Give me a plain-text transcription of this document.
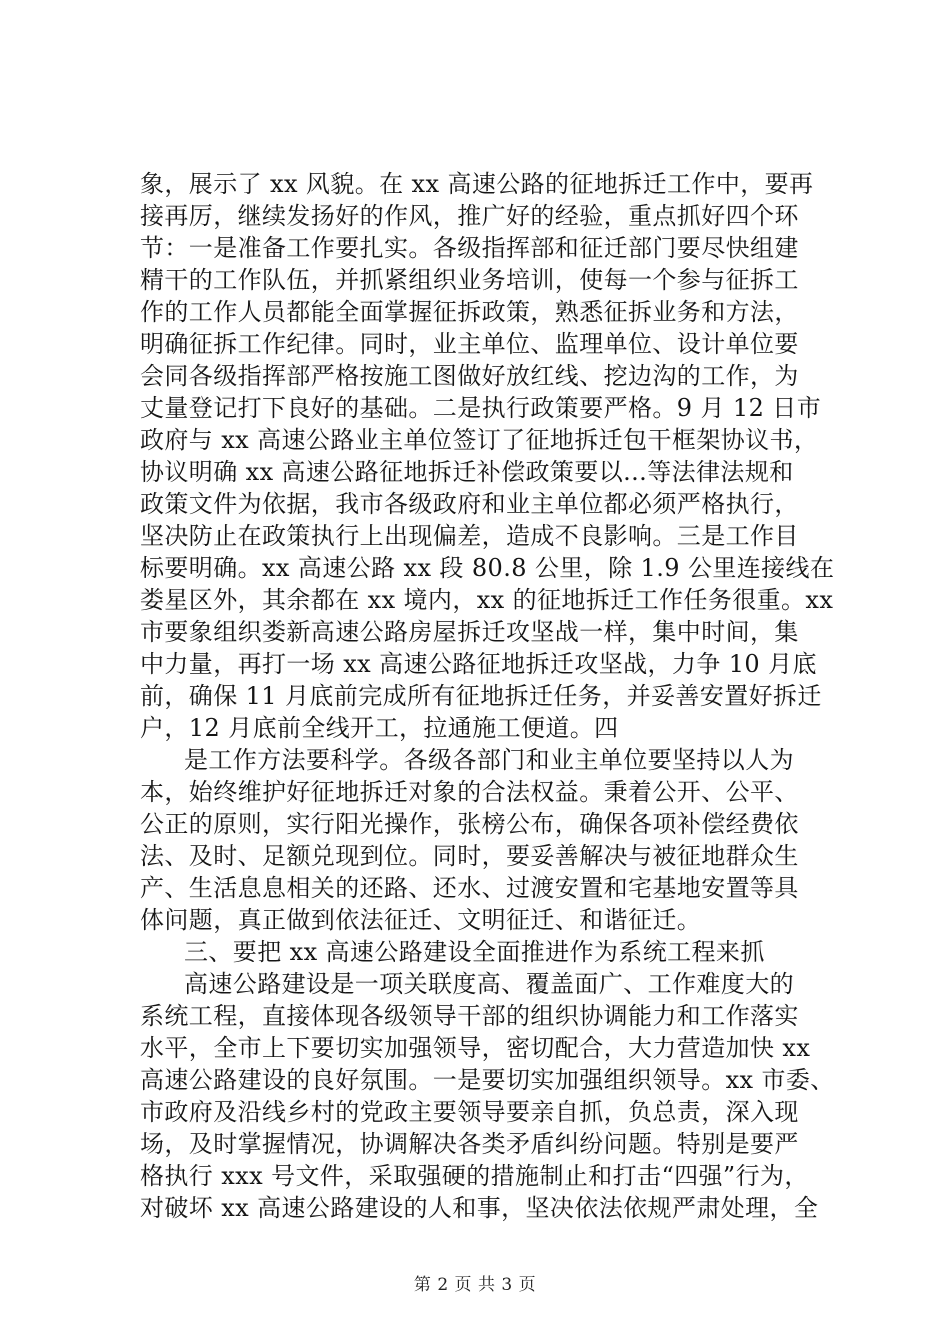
象，展示了 xx 风貌。在 xx 高速公路的征地拆迁工作中，要再
接再厉，继续发扬好的作风，推广好的经验，重点抓好四个环
节：一是准备工作要扎实。各级指挥部和征迁部门要尽快组建
精干的工作队伍，并抓紧组织业务培训，使每一个参与征拆工
作的工作人员都能全面掌握征拆政策，熟悉征拆业务和方法，
明确征拆工作纪律。同时，业主单位、监理单位、设计单位要
会同各级指挥部严格按施工图做好放红线、挖边沟的工作，为
丈量登记打下良好的基础。二是执行政策要严格。9 月 12 日市
政府与 xx 高速公路业主单位签订了征地拆迁包干框架协议书，
协议明确 xx 高速公路征地拆迁补偿政策要以...等法律法规和
政策文件为依据，我市各级政府和业主单位都必须严格执行，
坚决防止在政策执行上出现偏差，造成不良影响。三是工作目
标要明确。xx 高速公路 xx 段 80.8 公里，除 1.9 公里连接线在
娄星区外，其余都在 xx 境内，xx 的征地拆迁工作任务很重。xx
市要象组织娄新高速公路房屋拆迁攻坚战一样，集中时间，集
中力量，再打一场 xx 高速公路征地拆迁攻坚战，力争 10 月底
前，确保 11 月底前完成所有征地拆迁任务，并妥善安置好拆迁
户，12 月底前全线开工，拉通施工便道。四
是工作方法要科学。各级各部门和业主单位要坚持以人为
本，始终维护好征地拆迁对象的合法权益。秉着公开、公平、
公正的原则，实行阳光操作，张榜公布，确保各项补偿经费依
法、及时、足额兑现到位。同时，要妥善解决与被征地群众生
产、生活息息相关的还路、还水、过渡安置和宅基地安置等具
体问题，真正做到依法征迁、文明征迁、和谐征迁。
三、要把 xx 高速公路建设全面推进作为系统工程来抓
高速公路建设是一项关联度高、覆盖面广、工作难度大的
系统工程，直接体现各级领导干部的组织协调能力和工作落实
水平，全市上下要切实加强领导，密切配合，大力营造加快 xx
高速公路建设的良好氛围。一是要切实加强组织领导。xx 市委、
市政府及沿线乡村的党政主要领导要亲自抓，负总责，深入现
场，及时掌握情况，协调解决各类矛盾纠纷问题。特别是要严
格执行 xxx 号文件，采取强硬的措施制止和打击“四强”行为，
对破坏 xx 高速公路建设的人和事，坚决依法依规严肃处理，全
第 2 页 共 3 页
